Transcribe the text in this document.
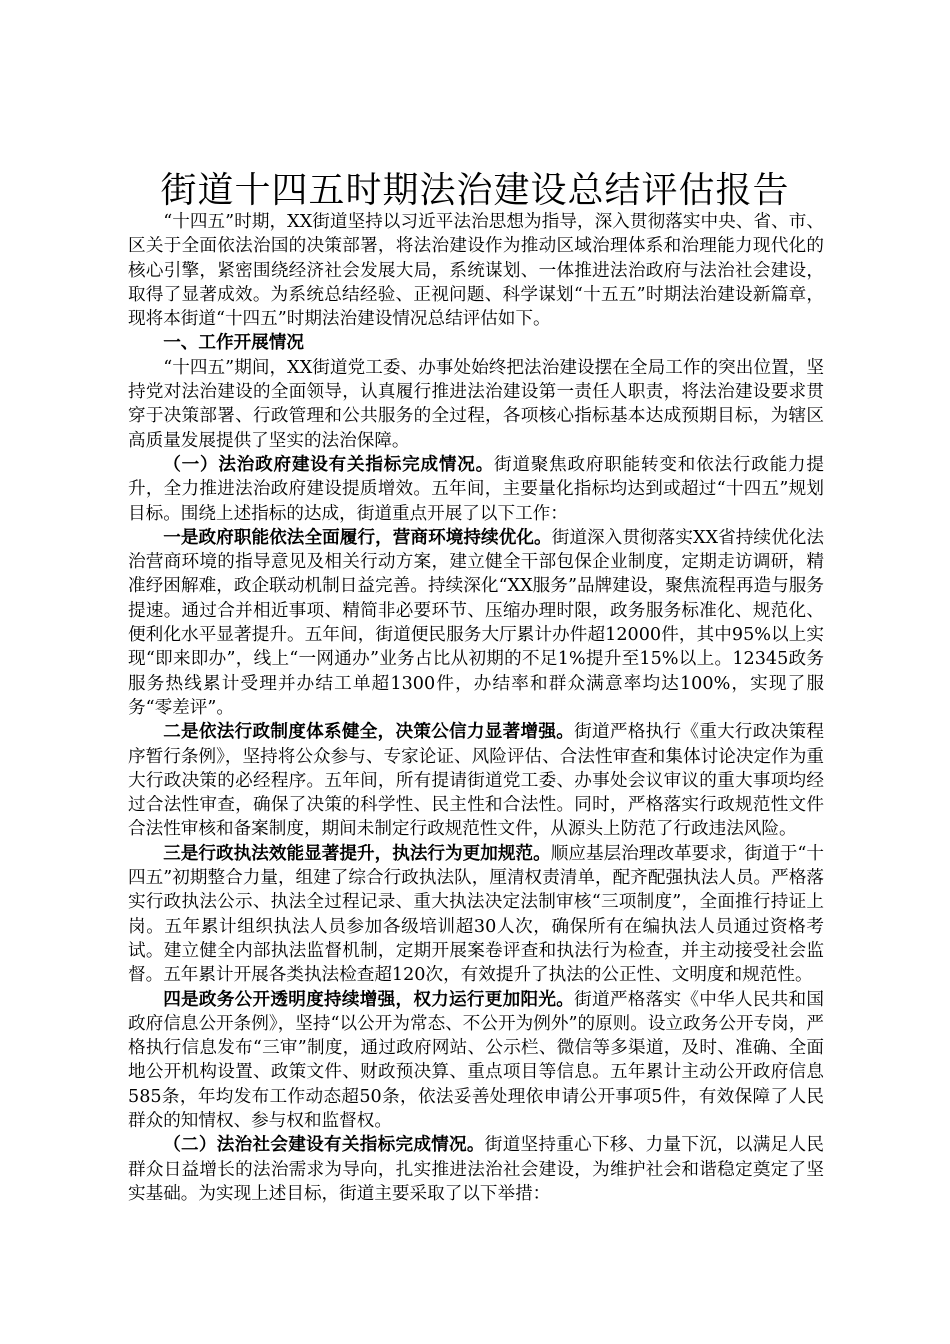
街道十四五时期法治建设总结评估报告

“十四五”时期，XX街道坚持以习近平法治思想为指导，深入贯彻落实中央、省、市、区关于全面依法治国的决策部署，将法治建设作为推动区域治理体系和治理能力现代化的核心引擎，紧密围绕经济社会发展大局，系统谋划、一体推进法治政府与法治社会建设，取得了显著成效。为系统总结经验、正视问题、科学谋划“十五五”时期法治建设新篇章，现将本街道“十四五”时期法治建设情况总结评估如下。

一、工作开展情况

“十四五”期间，XX街道党工委、办事处始终把法治建设摆在全局工作的突出位置，坚持党对法治建设的全面领导，认真履行推进法治建设第一责任人职责，将法治建设要求贯穿于决策部署、行政管理和公共服务的全过程，各项核心指标基本达成预期目标，为辖区高质量发展提供了坚实的法治保障。

（一）法治政府建设有关指标完成情况。街道聚焦政府职能转变和依法行政能力提升，全力推进法治政府建设提质增效。五年间，主要量化指标均达到或超过“十四五”规划目标。围绕上述指标的达成，街道重点开展了以下工作：

一是政府职能依法全面履行，营商环境持续优化。街道深入贯彻落实XX省持续优化法治营商环境的指导意见及相关行动方案，建立健全干部包保企业制度，定期走访调研，精准纾困解难，政企联动机制日益完善。持续深化“XX服务”品牌建设，聚焦流程再造与服务提速。通过合并相近事项、精简非必要环节、压缩办理时限，政务服务标准化、规范化、便利化水平显著提升。五年间，街道便民服务大厅累计办件超12000件，其中95%以上实现“即来即办”，线上“一网通办”业务占比从初期的不足1%提升至15%以上。12345政务服务热线累计受理并办结工单超1300件，办结率和群众满意率均达100%，实现了服务“零差评”。

二是依法行政制度体系健全，决策公信力显著增强。街道严格执行《重大行政决策程序暂行条例》，坚持将公众参与、专家论证、风险评估、合法性审查和集体讨论决定作为重大行政决策的必经程序。五年间，所有提请街道党工委、办事处会议审议的重大事项均经过合法性审查，确保了决策的科学性、民主性和合法性。同时，严格落实行政规范性文件合法性审核和备案制度，期间未制定行政规范性文件，从源头上防范了行政违法风险。

三是行政执法效能显著提升，执法行为更加规范。顺应基层治理改革要求，街道于“十四五”初期整合力量，组建了综合行政执法队，厘清权责清单，配齐配强执法人员。严格落实行政执法公示、执法全过程记录、重大执法决定法制审核“三项制度”，全面推行持证上岗。五年累计组织执法人员参加各级培训超30人次，确保所有在编执法人员通过资格考试。建立健全内部执法监督机制，定期开展案卷评查和执法行为检查，并主动接受社会监督。五年累计开展各类执法检查超120次，有效提升了执法的公正性、文明度和规范性。

四是政务公开透明度持续增强，权力运行更加阳光。街道严格落实《中华人民共和国政府信息公开条例》，坚持“以公开为常态、不公开为例外”的原则。设立政务公开专岗，严格执行信息发布“三审”制度，通过政府网站、公示栏、微信等多渠道，及时、准确、全面地公开机构设置、政策文件、财政预决算、重点项目等信息。五年累计主动公开政府信息585条，年均发布工作动态超50条，依法妥善处理依申请公开事项5件，有效保障了人民群众的知情权、参与权和监督权。

（二）法治社会建设有关指标完成情况。街道坚持重心下移、力量下沉，以满足人民群众日益增长的法治需求为导向，扎实推进法治社会建设，为维护社会和谐稳定奠定了坚实基础。为实现上述目标，街道主要采取了以下举措：
